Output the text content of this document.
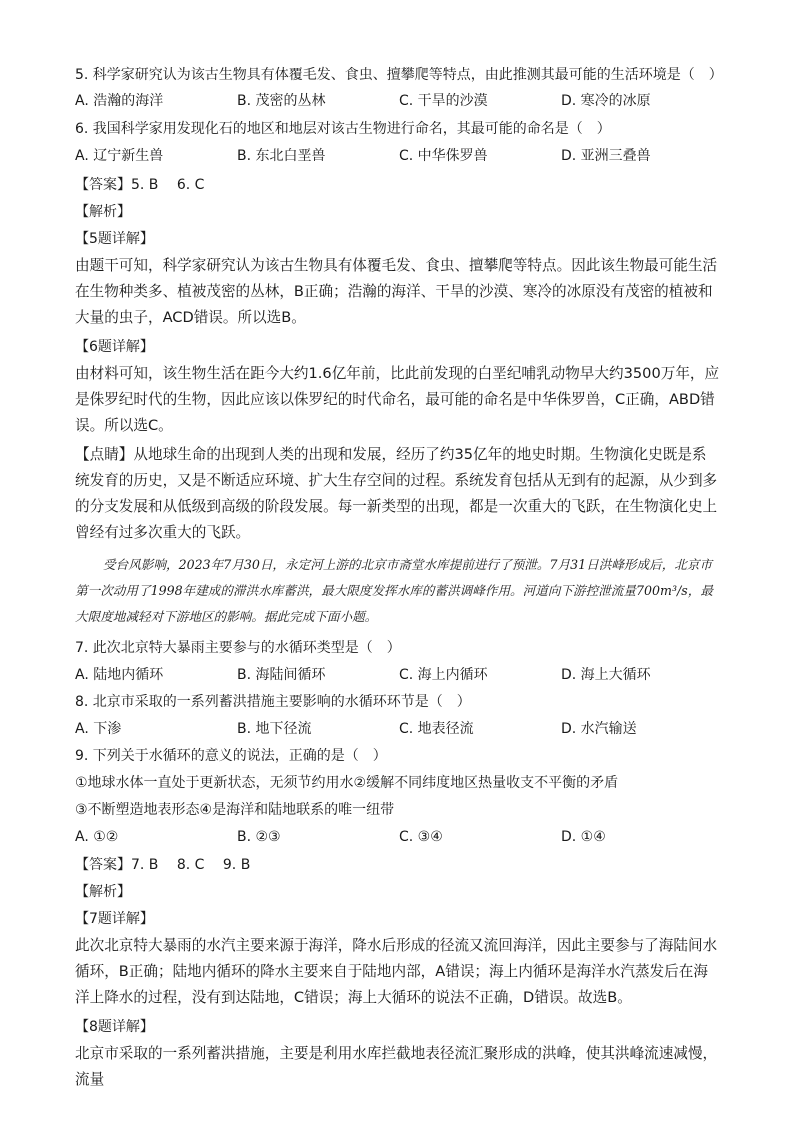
5. 科学家研究认为该古生物具有体覆毛发、食虫、擅攀爬等特点，由此推测其最可能的生活环境是（　）
A. 浩瀚的海洋	B. 茂密的丛林	C. 干旱的沙漠	D. 寒冷的冰原
6. 我国科学家用发现化石的地区和地层对该古生物进行命名，其最可能的命名是（　）
A. 辽宁新生兽	B. 东北白垩兽	C. 中华侏罗兽	D. 亚洲三叠兽
【答案】5. B　 6. C
【解析】
【5题详解】
由题干可知，科学家研究认为该古生物具有体覆毛发、食虫、擅攀爬等特点。因此该生物最可能生活在生物种类多、植被茂密的丛林，B正确；浩瀚的海洋、干旱的沙漠、寒冷的冰原没有茂密的植被和大量的虫子，ACD错误。所以选B。
【6题详解】
由材料可知，该生物生活在距今大约1.6亿年前，比此前发现的白垩纪哺乳动物早大约3500万年，应是侏罗纪时代的生物，因此应该以侏罗纪的时代命名，最可能的命名是中华侏罗兽，C正确，ABD错误。所以选C。
【点睛】从地球生命的出现到人类的出现和发展，经历了约35亿年的地史时期。生物演化史既是系统发育的历史，又是不断适应环境、扩大生存空间的过程。系统发育包括从无到有的起源，从少到多的分支发展和从低级到高级的阶段发展。每一新类型的出现，都是一次重大的飞跃，在生物演化史上曾经有过多次重大的飞跃。
受台风影响，2023年7月30日，永定河上游的北京市斋堂水库提前进行了预泄。7月31日洪峰形成后，北京市第一次动用了1998年建成的滞洪水库蓄洪，最大限度发挥水库的蓄洪调峰作用。河道向下游控泄流量700m³/s，最大限度地减轻对下游地区的影响。据此完成下面小题。
7. 此次北京特大暴雨主要参与的水循环类型是（　）
A. 陆地内循环	B. 海陆间循环	C. 海上内循环	D. 海上大循环
8. 北京市采取的一系列蓄洪措施主要影响的水循环环节是（　）
A. 下渗	B. 地下径流	C. 地表径流	D. 水汽输送
9. 下列关于水循环的意义的说法，正确的是（　）
①地球水体一直处于更新状态，无须节约用水②缓解不同纬度地区热量收支不平衡的矛盾
③不断塑造地表形态④是海洋和陆地联系的唯一纽带
A. ①②	B. ②③	C. ③④	D. ①④
【答案】7. B　 8. C　 9. B
【解析】
【7题详解】
此次北京特大暴雨的水汽主要来源于海洋，降水后形成的径流又流回海洋，因此主要参与了海陆间水循环，B正确；陆地内循环的降水主要来自于陆地内部，A错误；海上内循环是海洋水汽蒸发后在海洋上降水的过程，没有到达陆地，C错误；海上大循环的说法不正确，D错误。故选B。
【8题详解】
北京市采取的一系列蓄洪措施，主要是利用水库拦截地表径流汇聚形成的洪峰，使其洪峰流速减慢，流量
